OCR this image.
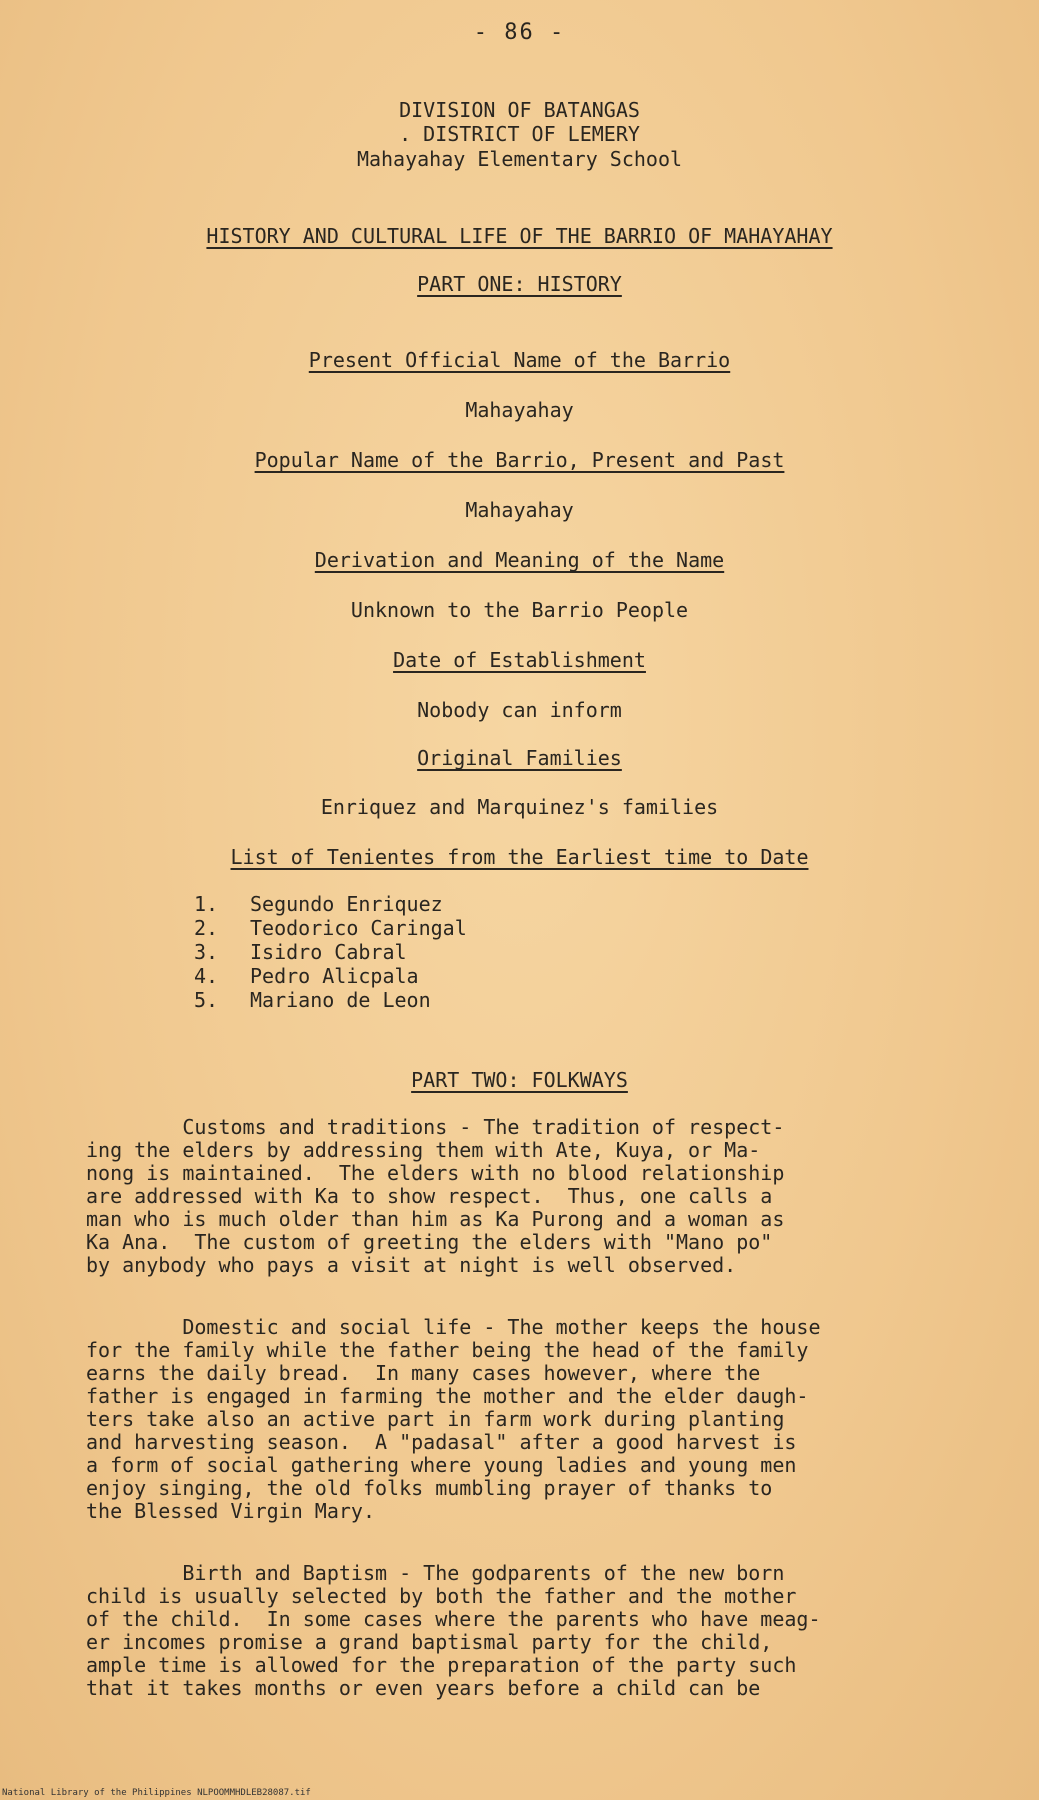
- 86 -
DIVISION OF BATANGAS
. DISTRICT OF LEMERY
Mahayahay Elementary School
HISTORY AND CULTURAL LIFE OF THE BARRIO OF MAHAYAHAY
PART ONE: HISTORY
Present Official Name of the Barrio
Mahayahay
Popular Name of the Barrio, Present and Past
Mahayahay
Derivation and Meaning of the Name
Unknown to the Barrio People
Date of Establishment
Nobody can inform
Original Families
Enriquez and Marquinez's families
List of Tenientes from the Earliest time to Date
1.	Segundo Enriquez
2.	Teodorico Caringal
3.	Isidro Cabral
4.	Pedro Alicpala
5.	Mariano de Leon
PART TWO: FOLKWAYS

Customs and traditions - The tradition of respect-
ing the elders by addressing them with Ate, Kuya, or Ma-
nong is maintained.  The elders with no blood relationship
are addressed with Ka to show respect.  Thus, one calls a
man who is much older than him as Ka Purong and a woman as
Ka Ana.  The custom of greeting the elders with "Mano po"
by anybody who pays a visit at night is well observed.

Domestic and social life - The mother keeps the house
for the family while the father being the head of the family
earns the daily bread.  In many cases however, where the
father is engaged in farming the mother and the elder daugh-
ters take also an active part in farm work during planting
and harvesting season.  A "padasal" after a good harvest is
a form of social gathering where young ladies and young men
enjoy singing, the old folks mumbling prayer of thanks to
the Blessed Virgin Mary.

Birth and Baptism - The godparents of the new born
child is usually selected by both the father and the mother
of the child.  In some cases where the parents who have meag-
er incomes promise a grand baptismal party for the child,
ample time is allowed for the preparation of the party such
that it takes months or even years before a child can be

National Library of the Philippines NLPOOMMHDLEB28087.tif
